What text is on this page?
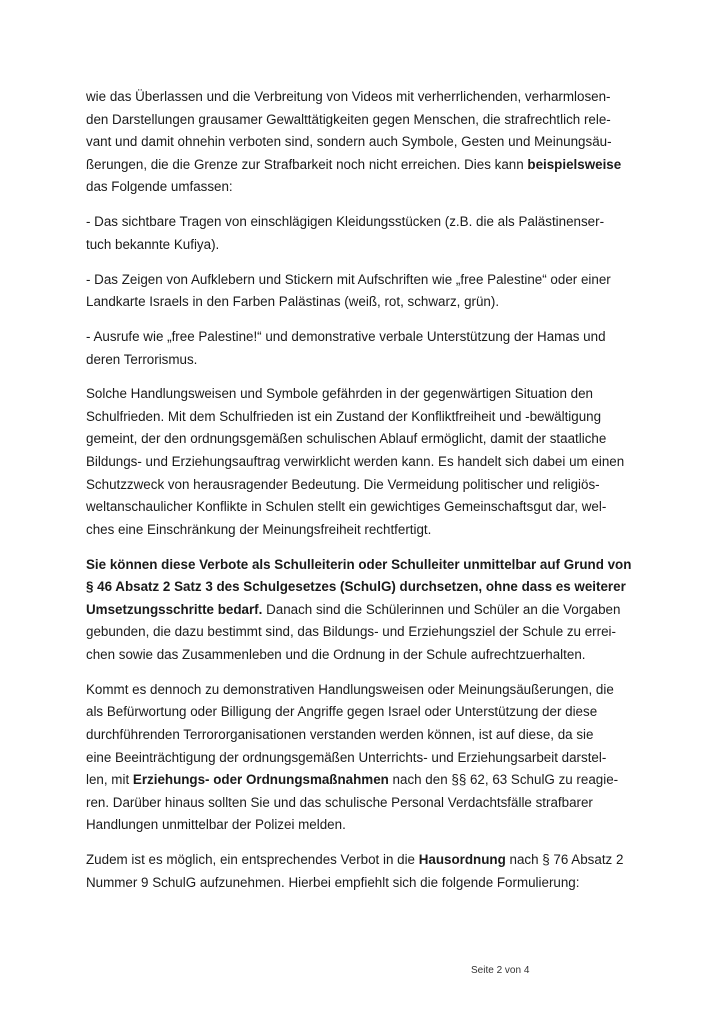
wie das Überlassen und die Verbreitung von Videos mit verherrlichenden, verharmlosen-
den Darstellungen grausamer Gewalttätigkeiten gegen Menschen, die strafrechtlich rele-
vant und damit ohnehin verboten sind, sondern auch Symbole, Gesten und Meinungsäu-
ßerungen, die die Grenze zur Strafbarkeit noch nicht erreichen. Dies kann beispielsweise
das Folgende umfassen:

- Das sichtbare Tragen von einschlägigen Kleidungsstücken (z.B. die als Palästinenser-
tuch bekannte Kufiya).

- Das Zeigen von Aufklebern und Stickern mit Aufschriften wie „free Palestine“ oder einer
Landkarte Israels in den Farben Palästinas (weiß, rot, schwarz, grün).

- Ausrufe wie „free Palestine!“ und demonstrative verbale Unterstützung der Hamas und
deren Terrorismus.

Solche Handlungsweisen und Symbole gefährden in der gegenwärtigen Situation den
Schulfrieden. Mit dem Schulfrieden ist ein Zustand der Konfliktfreiheit und -bewältigung
gemeint, der den ordnungsgemäßen schulischen Ablauf ermöglicht, damit der staatliche
Bildungs- und Erziehungsauftrag verwirklicht werden kann. Es handelt sich dabei um einen
Schutzzweck von herausragender Bedeutung. Die Vermeidung politischer und religiös-
weltanschaulicher Konflikte in Schulen stellt ein gewichtiges Gemeinschaftsgut dar, wel-
ches eine Einschränkung der Meinungsfreiheit rechtfertigt.

Sie können diese Verbote als Schulleiterin oder Schulleiter unmittelbar auf Grund von
§ 46 Absatz 2 Satz 3 des Schulgesetzes (SchulG) durchsetzen, ohne dass es weiterer
Umsetzungsschritte bedarf. Danach sind die Schülerinnen und Schüler an die Vorgaben
gebunden, die dazu bestimmt sind, das Bildungs- und Erziehungsziel der Schule zu errei-
chen sowie das Zusammenleben und die Ordnung in der Schule aufrechtzuerhalten.

Kommt es dennoch zu demonstrativen Handlungsweisen oder Meinungsäußerungen, die
als Befürwortung oder Billigung der Angriffe gegen Israel oder Unterstützung der diese
durchführenden Terrororganisationen verstanden werden können, ist auf diese, da sie
eine Beeinträchtigung der ordnungsgemäßen Unterrichts- und Erziehungsarbeit darstel-
len, mit Erziehungs- oder Ordnungsmaßnahmen nach den §§ 62, 63 SchulG zu reagie-
ren. Darüber hinaus sollten Sie und das schulische Personal Verdachtsfälle strafbarer
Handlungen unmittelbar der Polizei melden.

Zudem ist es möglich, ein entsprechendes Verbot in die Hausordnung nach § 76 Absatz 2
Nummer 9 SchulG aufzunehmen. Hierbei empfiehlt sich die folgende Formulierung:

Seite 2 von 4
